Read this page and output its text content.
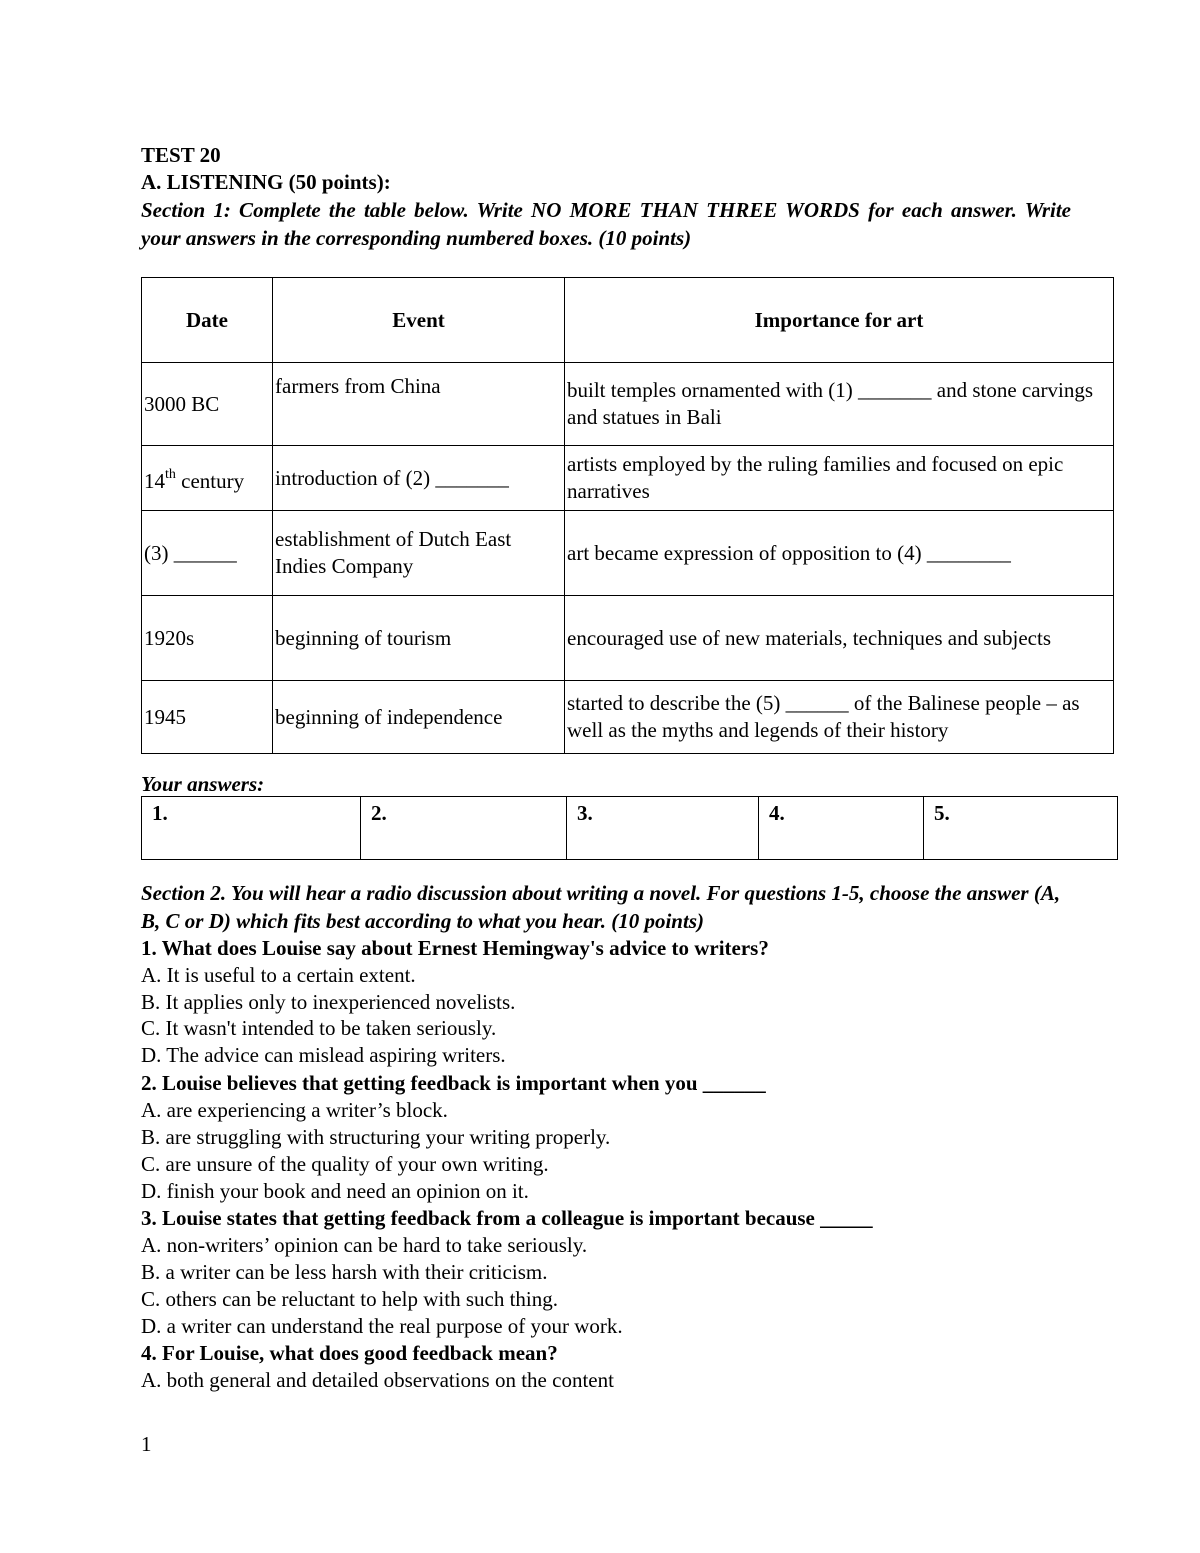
TEST 20
A. LISTENING (50 points):
Section 1: Complete the table below. Write NO MORE THAN THREE WORDS for each answer. Write your answers in the corresponding numbered boxes. (10 points)
Date	Event	Importance for art
3000 BC	farmers from China	built temples ornamented with (1) _______ and stone carvings and statues in Bali
14th century	introduction of (2) _______	artists employed by the ruling families and focused on epic narratives
(3) ______	establishment of Dutch East Indies Company	art became expression of opposition to (4) ________
1920s	beginning of tourism	encouraged use of new materials, techniques and subjects
1945	beginning of independence	started to describe the (5) ______ of the Balinese people – as well as the myths and legends of their history
Your answers:
1.	2.	3.	4.	5.
Section 2. You will hear a radio discussion about writing a novel. For questions 1-5, choose the answer (A, B, C or D) which fits best according to what you hear. (10 points)
1. What does Louise say about Ernest Hemingway's advice to writers?
A. It is useful to a certain extent.
B. It applies only to inexperienced novelists.
C. It wasn't intended to be taken seriously.
D. The advice can mislead aspiring writers.
2. Louise believes that getting feedback is important when you ______
A. are experiencing a writer’s block.
B. are struggling with structuring your writing properly.
C. are unsure of the quality of your own writing.
D. finish your book and need an opinion on it.
3. Louise states that getting feedback from a colleague is important because _____
A. non-writers’ opinion can be hard to take seriously.
B. a writer can be less harsh with their criticism.
C. others can be reluctant to help with such thing.
D. a writer can understand the real purpose of your work.
4. For Louise, what does good feedback mean?
A. both general and detailed observations on the content
1
